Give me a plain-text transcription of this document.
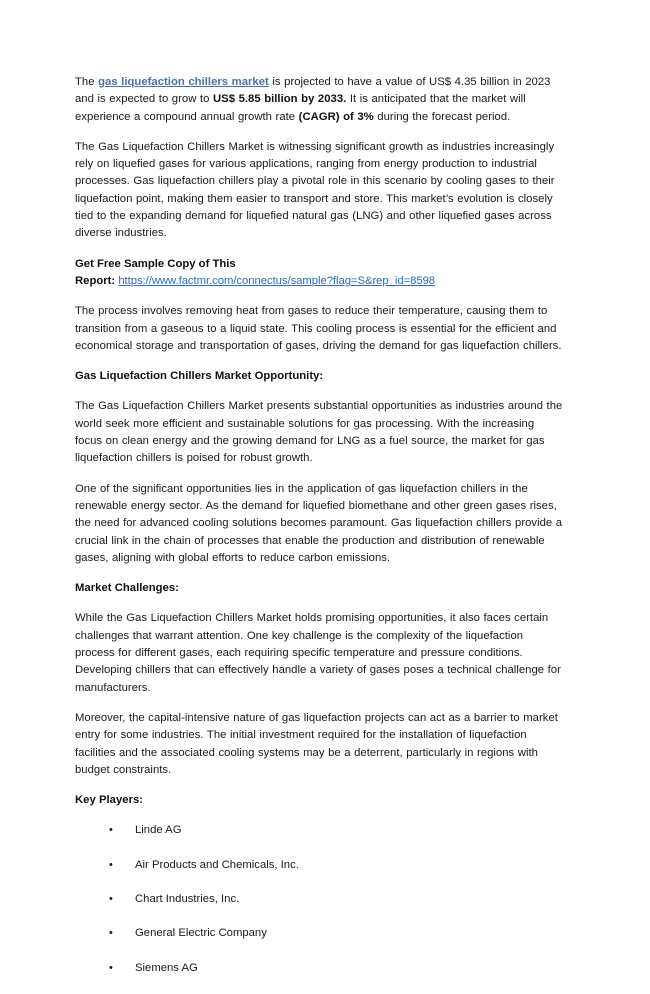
The gas liquefaction chillers market is projected to have a value of US$ 4.35 billion in 2023 and is expected to grow to US$ 5.85 billion by 2033. It is anticipated that the market will experience a compound annual growth rate (CAGR) of 3% during the forecast period.

The Gas Liquefaction Chillers Market is witnessing significant growth as industries increasingly rely on liquefied gases for various applications, ranging from energy production to industrial processes. Gas liquefaction chillers play a pivotal role in this scenario by cooling gases to their liquefaction point, making them easier to transport and store. This market’s evolution is closely tied to the expanding demand for liquefied natural gas (LNG) and other liquefied gases across diverse industries.

Get Free Sample Copy of This
Report: https://www.factmr.com/connectus/sample?flag=S&rep_id=8598

The process involves removing heat from gases to reduce their temperature, causing them to transition from a gaseous to a liquid state. This cooling process is essential for the efficient and economical storage and transportation of gases, driving the demand for gas liquefaction chillers.

Gas Liquefaction Chillers Market Opportunity:

The Gas Liquefaction Chillers Market presents substantial opportunities as industries around the world seek more efficient and sustainable solutions for gas processing. With the increasing focus on clean energy and the growing demand for LNG as a fuel source, the market for gas liquefaction chillers is poised for robust growth.

One of the significant opportunities lies in the application of gas liquefaction chillers in the renewable energy sector. As the demand for liquefied biomethane and other green gases rises, the need for advanced cooling solutions becomes paramount. Gas liquefaction chillers provide a crucial link in the chain of processes that enable the production and distribution of renewable gases, aligning with global efforts to reduce carbon emissions.

Market Challenges:

While the Gas Liquefaction Chillers Market holds promising opportunities, it also faces certain challenges that warrant attention. One key challenge is the complexity of the liquefaction process for different gases, each requiring specific temperature and pressure conditions. Developing chillers that can effectively handle a variety of gases poses a technical challenge for manufacturers.

Moreover, the capital-intensive nature of gas liquefaction projects can act as a barrier to market entry for some industries. The initial investment required for the installation of liquefaction facilities and the associated cooling systems may be a deterrent, particularly in regions with budget constraints.

Key Players:

• Linde AG
• Air Products and Chemicals, Inc.
• Chart Industries, Inc.
• General Electric Company
• Siemens AG
